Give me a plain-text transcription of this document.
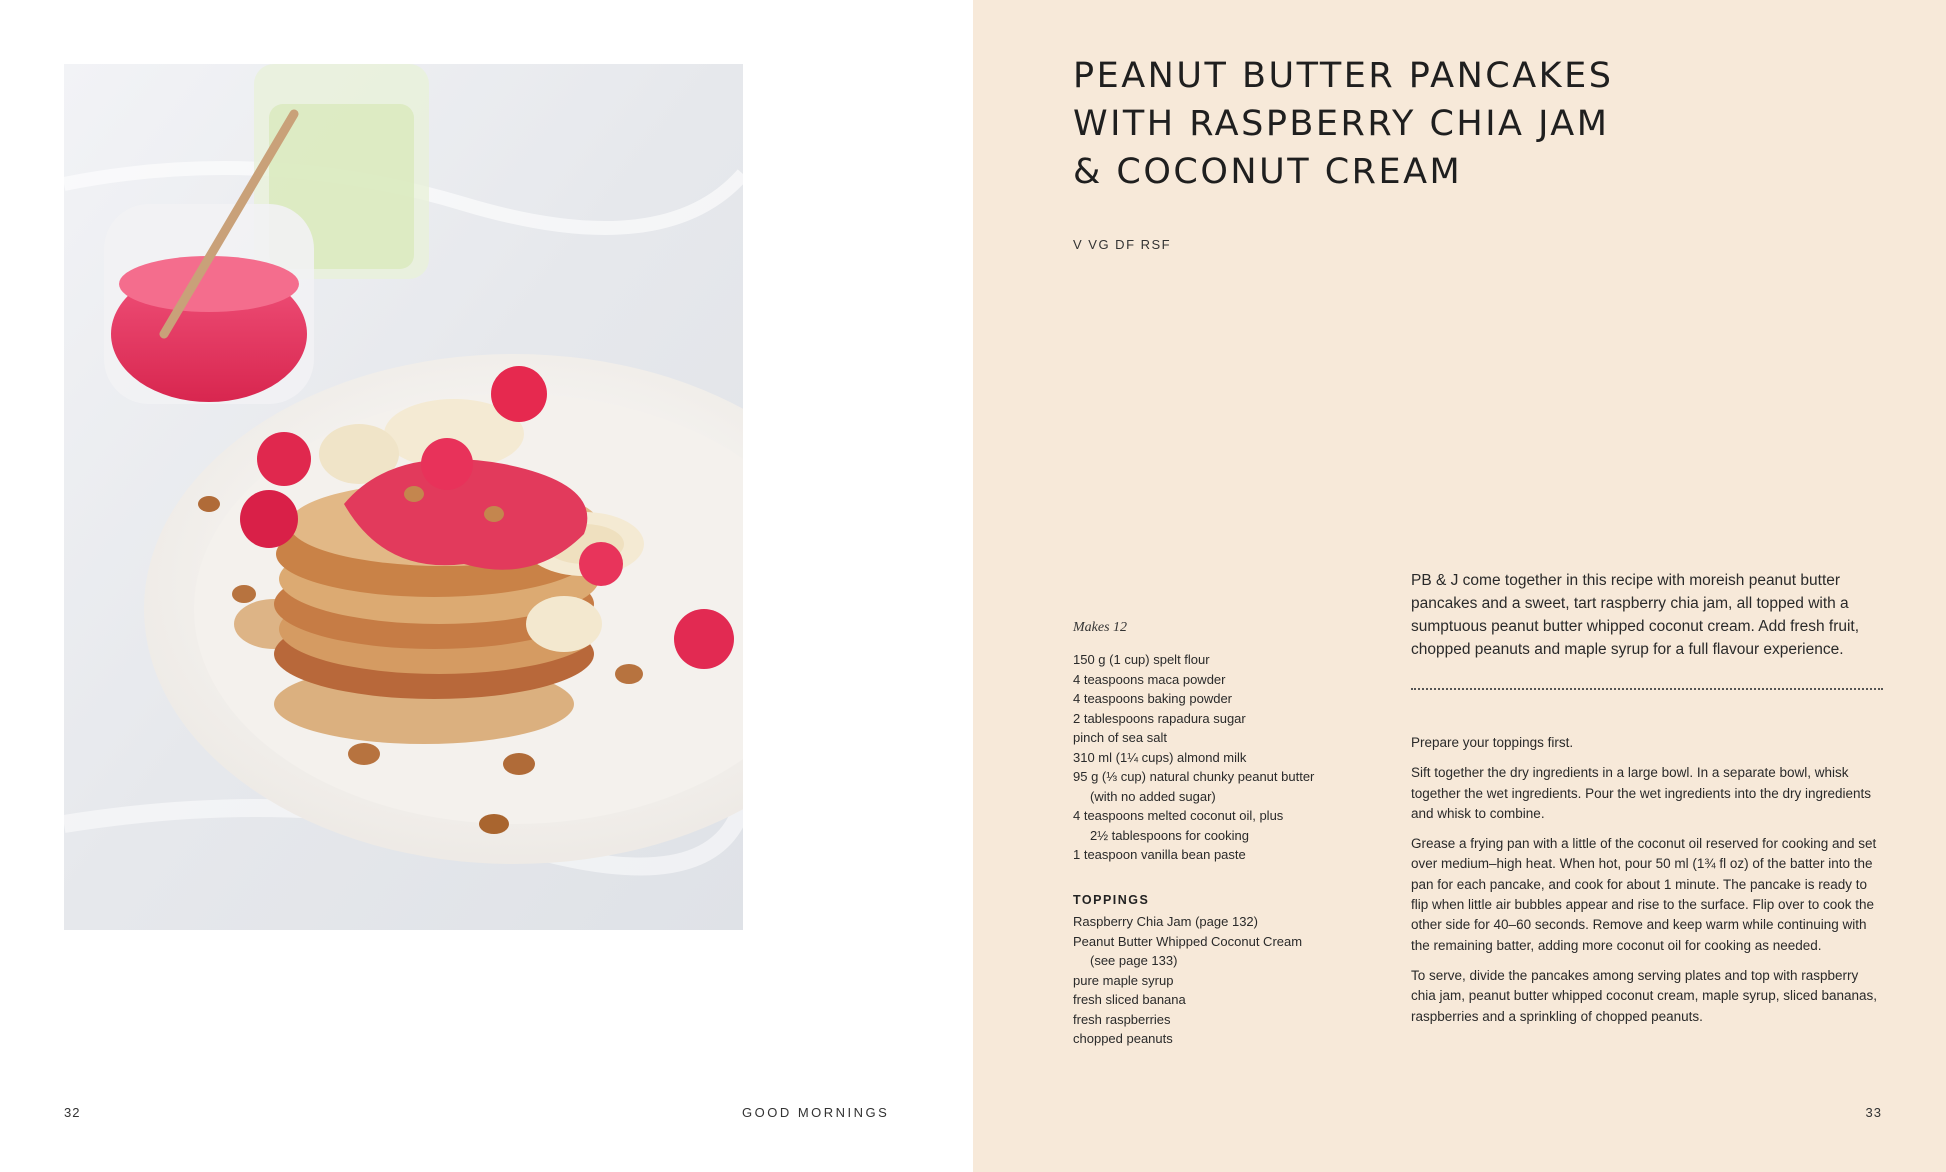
32	GOOD MORNINGS
PEANUT BUTTER PANCAKES
WITH RASPBERRY CHIA JAM
& COCONUT CREAM
V VG DF RSF
Makes 12
150 g (1 cup) spelt flour
4 teaspoons maca powder
4 teaspoons baking powder
2 tablespoons rapadura sugar
pinch of sea salt
310 ml (1¼ cups) almond milk
95 g (⅓ cup) natural chunky peanut butter
(with no added sugar)
4 teaspoons melted coconut oil, plus
2½ tablespoons for cooking
1 teaspoon vanilla bean paste
TOPPINGS
Raspberry Chia Jam (page 132)
Peanut Butter Whipped Coconut Cream
(see page 133)
pure maple syrup
fresh sliced banana
fresh raspberries
chopped peanuts

PB & J come together in this recipe with moreish peanut butter pancakes and a sweet, tart raspberry chia jam, all topped with a sumptuous peanut butter whipped coconut cream. Add fresh fruit, chopped peanuts and maple syrup for a full flavour experience.

Prepare your toppings first.

Sift together the dry ingredients in a large bowl. In a separate bowl, whisk together the wet ingredients. Pour the wet ingredients into the dry ingredients and whisk to combine.

Grease a frying pan with a little of the coconut oil reserved for cooking and set over medium–high heat. When hot, pour 50 ml (1¾ fl oz) of the batter into the pan for each pancake, and cook for about 1 minute. The pancake is ready to flip when little air bubbles appear and rise to the surface. Flip over to cook the other side for 40–60 seconds. Remove and keep warm while continuing with the remaining batter, adding more coconut oil for cooking as needed.

To serve, divide the pancakes among serving plates and top with raspberry chia jam, peanut butter whipped coconut cream, maple syrup, sliced bananas, raspberries and a sprinkling of chopped peanuts.

33
